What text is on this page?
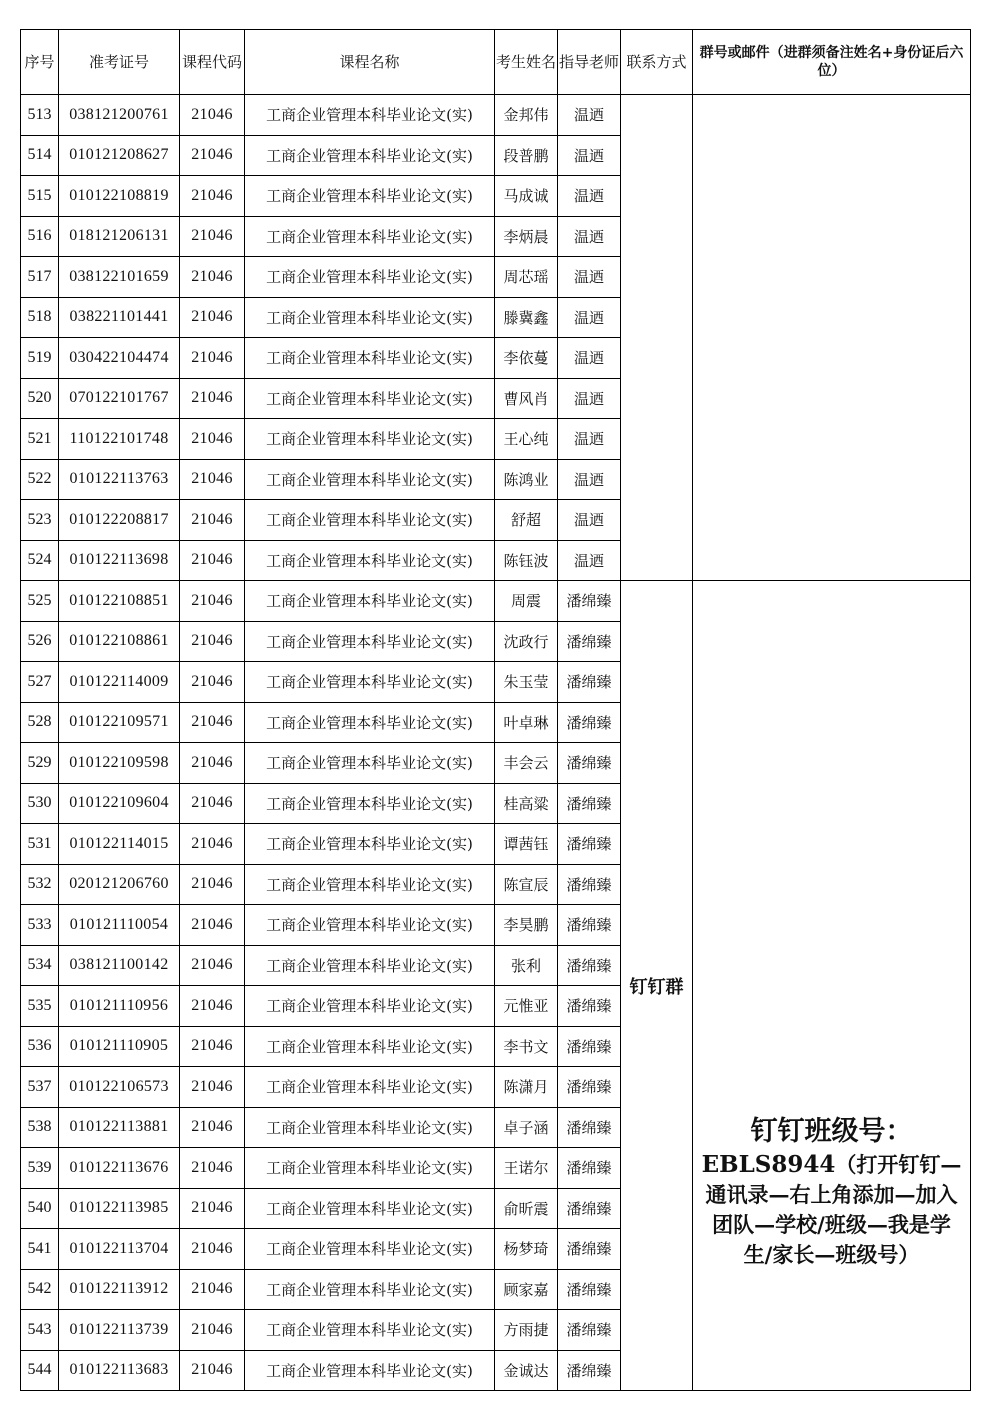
序号	准考证号	课程代码	课程名称	考生姓名	指导老师	联系方式	群号或邮件（进群须备注姓名+身份证后六位）
513	038121200761	21046	工商企业管理本科毕业论文(实)	金邦伟	温迺		
514	010121208627	21046	工商企业管理本科毕业论文(实)	段普鹏	温迺		
515	010122108819	21046	工商企业管理本科毕业论文(实)	马成诚	温迺		
516	018121206131	21046	工商企业管理本科毕业论文(实)	李炳晨	温迺		
517	038122101659	21046	工商企业管理本科毕业论文(实)	周芯瑶	温迺		
518	038221101441	21046	工商企业管理本科毕业论文(实)	滕冀鑫	温迺		
519	030422104474	21046	工商企业管理本科毕业论文(实)	李依蔓	温迺		
520	070122101767	21046	工商企业管理本科毕业论文(实)	曹风肖	温迺		
521	110122101748	21046	工商企业管理本科毕业论文(实)	王心纯	温迺		
522	010122113763	21046	工商企业管理本科毕业论文(实)	陈鸿业	温迺		
523	010122208817	21046	工商企业管理本科毕业论文(实)	舒超	温迺		
524	010122113698	21046	工商企业管理本科毕业论文(实)	陈钰波	温迺		
525	010122108851	21046	工商企业管理本科毕业论文(实)	周震	潘绵臻	钉钉群	钉钉班级号：
EBLS8944（打开钉钉—通讯录—右上角添加—加入团队—学校/班级—我是学生/家长—班级号）

526	010122108861	21046	工商企业管理本科毕业论文(实)	沈政行	潘绵臻		
527	010122114009	21046	工商企业管理本科毕业论文(实)	朱玉莹	潘绵臻		
528	010122109571	21046	工商企业管理本科毕业论文(实)	叶卓琳	潘绵臻		
529	010122109598	21046	工商企业管理本科毕业论文(实)	丰会云	潘绵臻		
530	010122109604	21046	工商企业管理本科毕业论文(实)	桂高粱	潘绵臻		
531	010122114015	21046	工商企业管理本科毕业论文(实)	谭茜钰	潘绵臻		
532	020121206760	21046	工商企业管理本科毕业论文(实)	陈宣辰	潘绵臻		
533	010121110054	21046	工商企业管理本科毕业论文(实)	李昊鹏	潘绵臻		
534	038121100142	21046	工商企业管理本科毕业论文(实)	张利	潘绵臻		
535	010121110956	21046	工商企业管理本科毕业论文(实)	元惟亚	潘绵臻		
536	010121110905	21046	工商企业管理本科毕业论文(实)	李书文	潘绵臻		
537	010122106573	21046	工商企业管理本科毕业论文(实)	陈潇月	潘绵臻		
538	010122113881	21046	工商企业管理本科毕业论文(实)	卓子涵	潘绵臻		
539	010122113676	21046	工商企业管理本科毕业论文(实)	王诺尔	潘绵臻		
540	010122113985	21046	工商企业管理本科毕业论文(实)	俞昕震	潘绵臻		
541	010122113704	21046	工商企业管理本科毕业论文(实)	杨梦琦	潘绵臻		
542	010122113912	21046	工商企业管理本科毕业论文(实)	顾家嘉	潘绵臻		
543	010122113739	21046	工商企业管理本科毕业论文(实)	方雨捷	潘绵臻		
544	010122113683	21046	工商企业管理本科毕业论文(实)	金诚达	潘绵臻		
